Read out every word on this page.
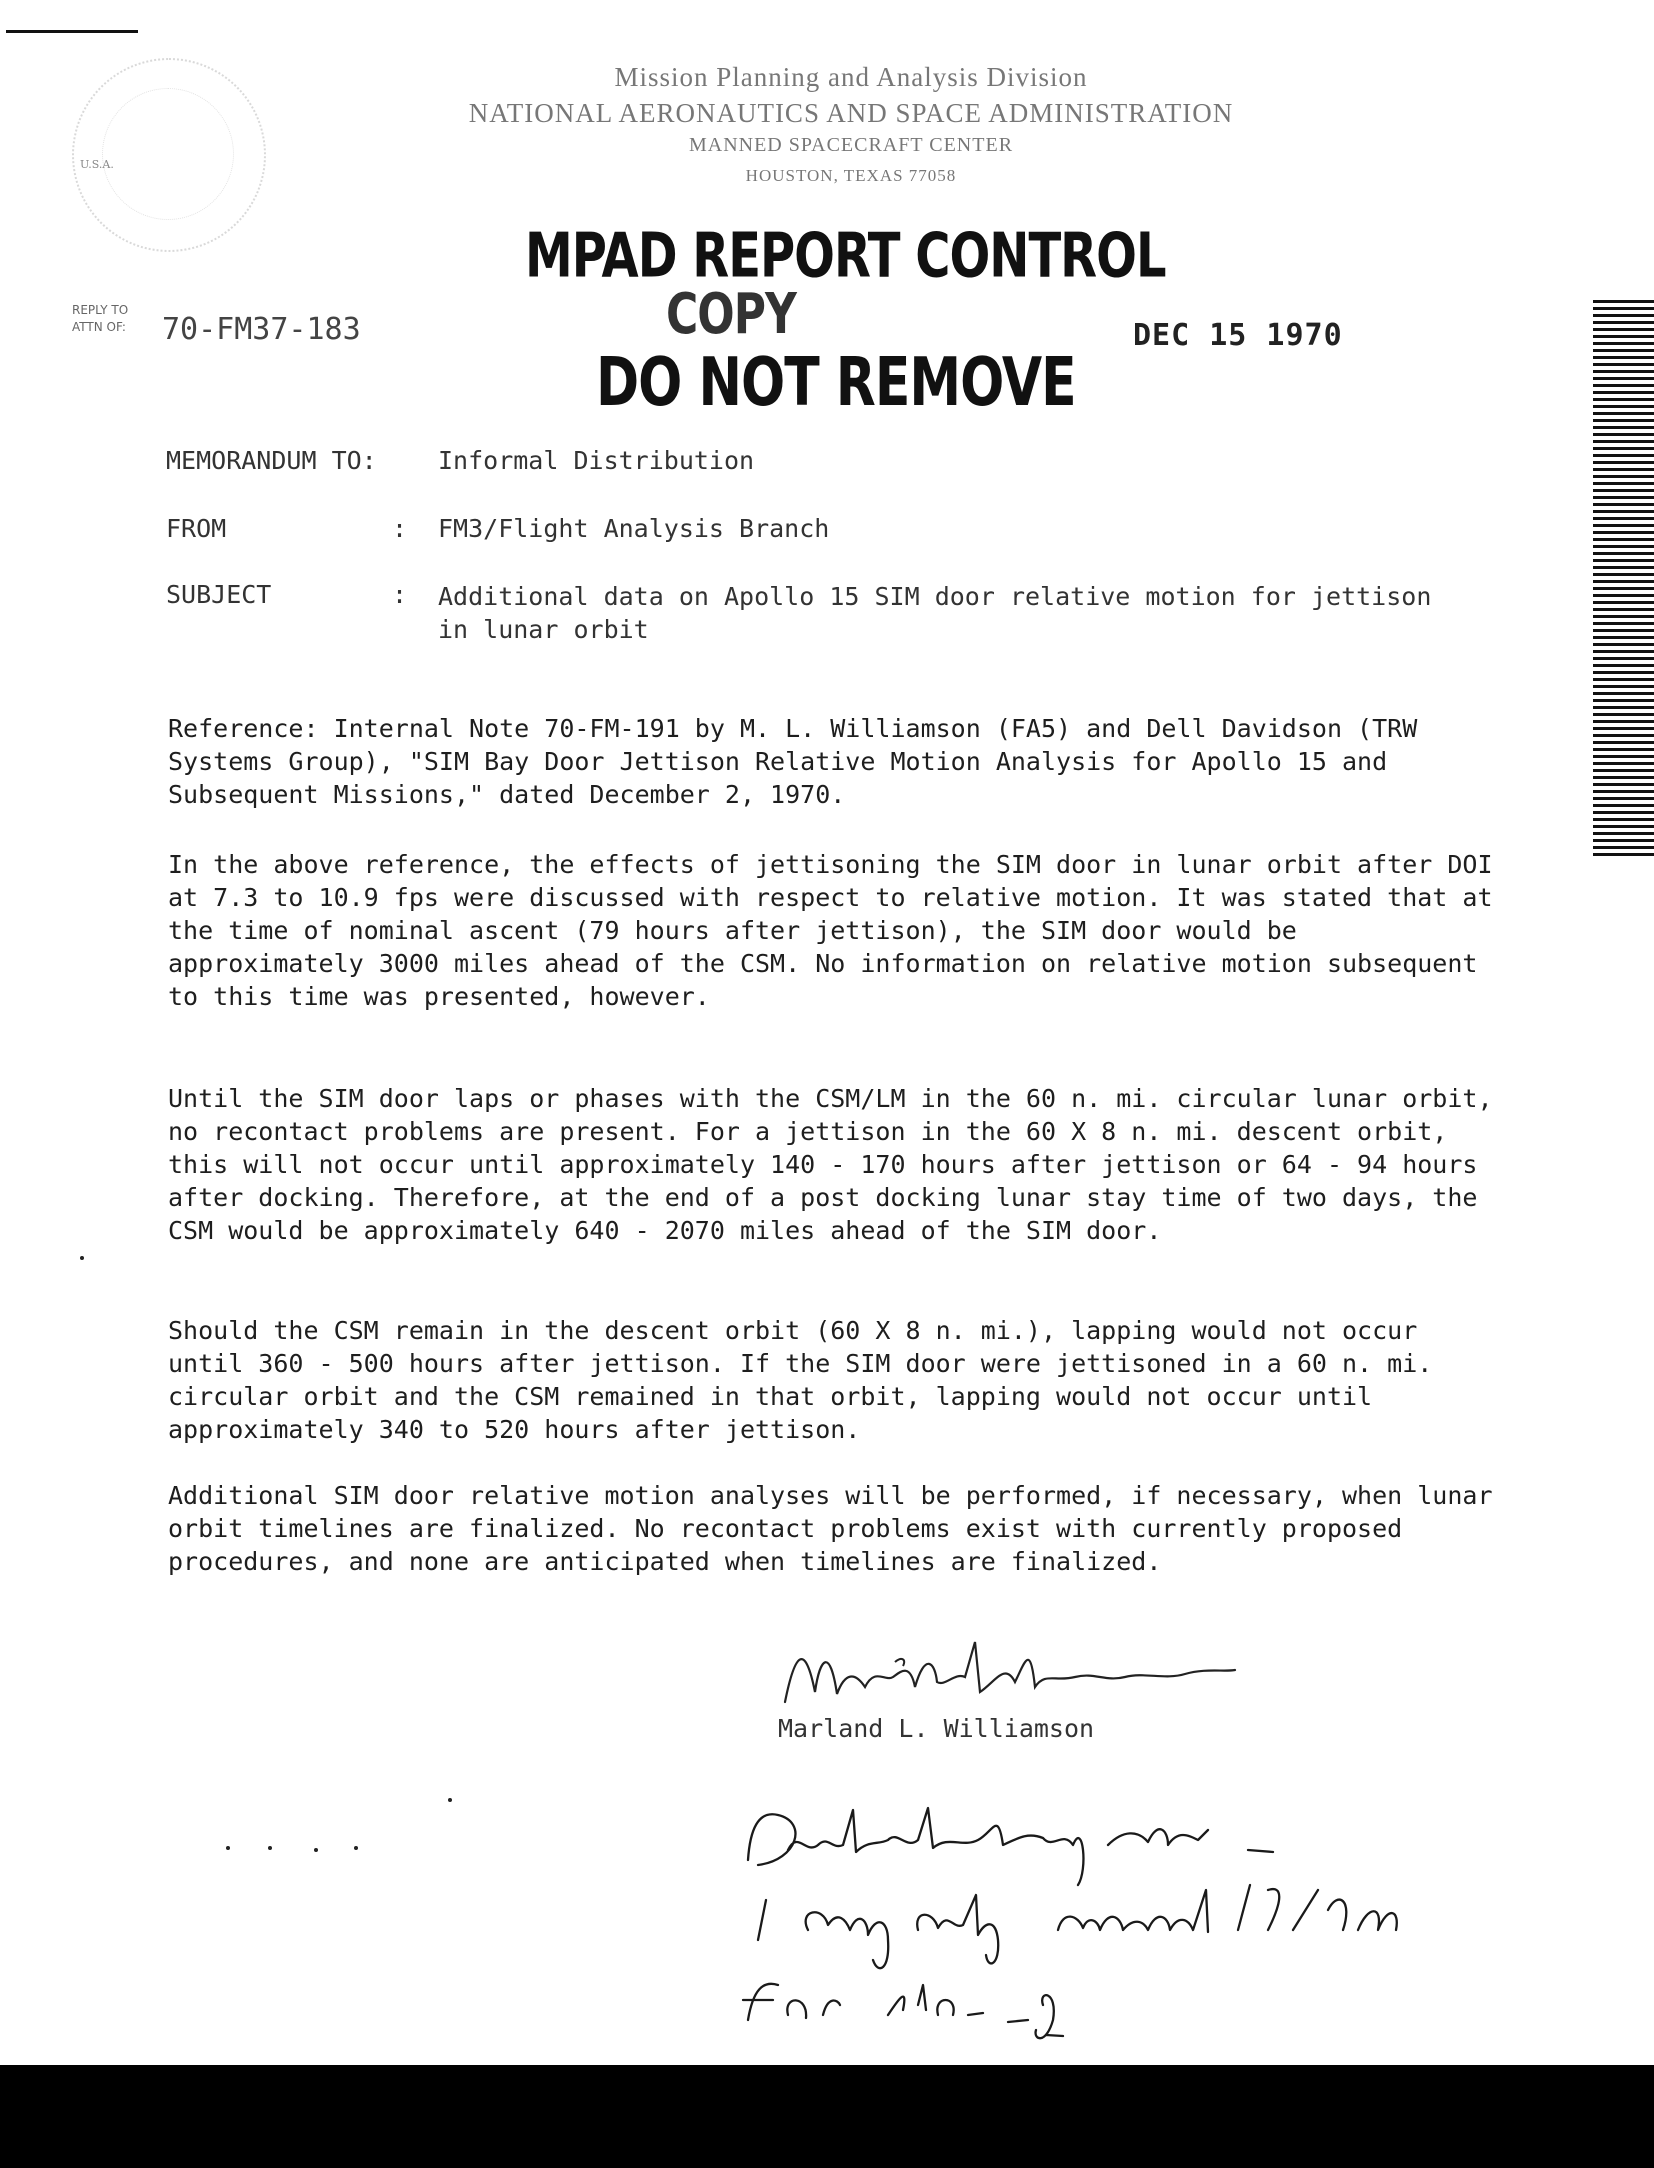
U.S.A.
Mission Planning and Analysis Division
NATIONAL AERONAUTICS AND SPACE ADMINISTRATION
MANNED SPACECRAFT CENTER
HOUSTON, TEXAS 77058
MPAD REPORT CONTROL
COPY
DO NOT REMOVE
REPLY TO
ATTN OF: 70-FM37-183	DEC 15 1970
MEMORANDUM TO: Informal Distribution
FROM	: FM3/Flight Analysis Branch
SUBJECT	: Additional data on Apollo 15 SIM door relative motion for jettison in lunar orbit
Reference: Internal Note 70-FM-191 by M. L. Williamson (FA5) and Dell Davidson (TRW Systems Group), "SIM Bay Door Jettison Relative Motion Analysis for Apollo 15 and Subsequent Missions," dated December 2, 1970.
In the above reference, the effects of jettisoning the SIM door in lunar orbit after DOI at 7.3 to 10.9 fps were discussed with respect to relative motion. It was stated that at the time of nominal ascent (79 hours after jettison), the SIM door would be approximately 3000 miles ahead of the CSM. No information on relative motion subsequent to this time was presented, however.
Until the SIM door laps or phases with the CSM/LM in the 60 n. mi. circular lunar orbit, no recontact problems are present. For a jettison in the 60 X 8 n. mi. descent orbit, this will not occur until approximately 140 - 170 hours after jettison or 64 - 94 hours after docking. Therefore, at the end of a post docking lunar stay time of two days, the CSM would be approximately 640 - 2070 miles ahead of the SIM door.
Should the CSM remain in the descent orbit (60 X 8 n. mi.), lapping would not occur until 360 - 500 hours after jettison. If the SIM door were jettisoned in a 60 n. mi. circular orbit and the CSM remained in that orbit, lapping would not occur until approximately 340 to 520 hours after jettison.
Additional SIM door relative motion analyses will be performed, if necessary, when lunar orbit timelines are finalized. No recontact problems exist with currently proposed procedures, and none are anticipated when timelines are finalized.
Marland L. Williamson
Marland L. Williamson
Distributed by FM3 -
1 copy only received 12/17/70 for files - JL
